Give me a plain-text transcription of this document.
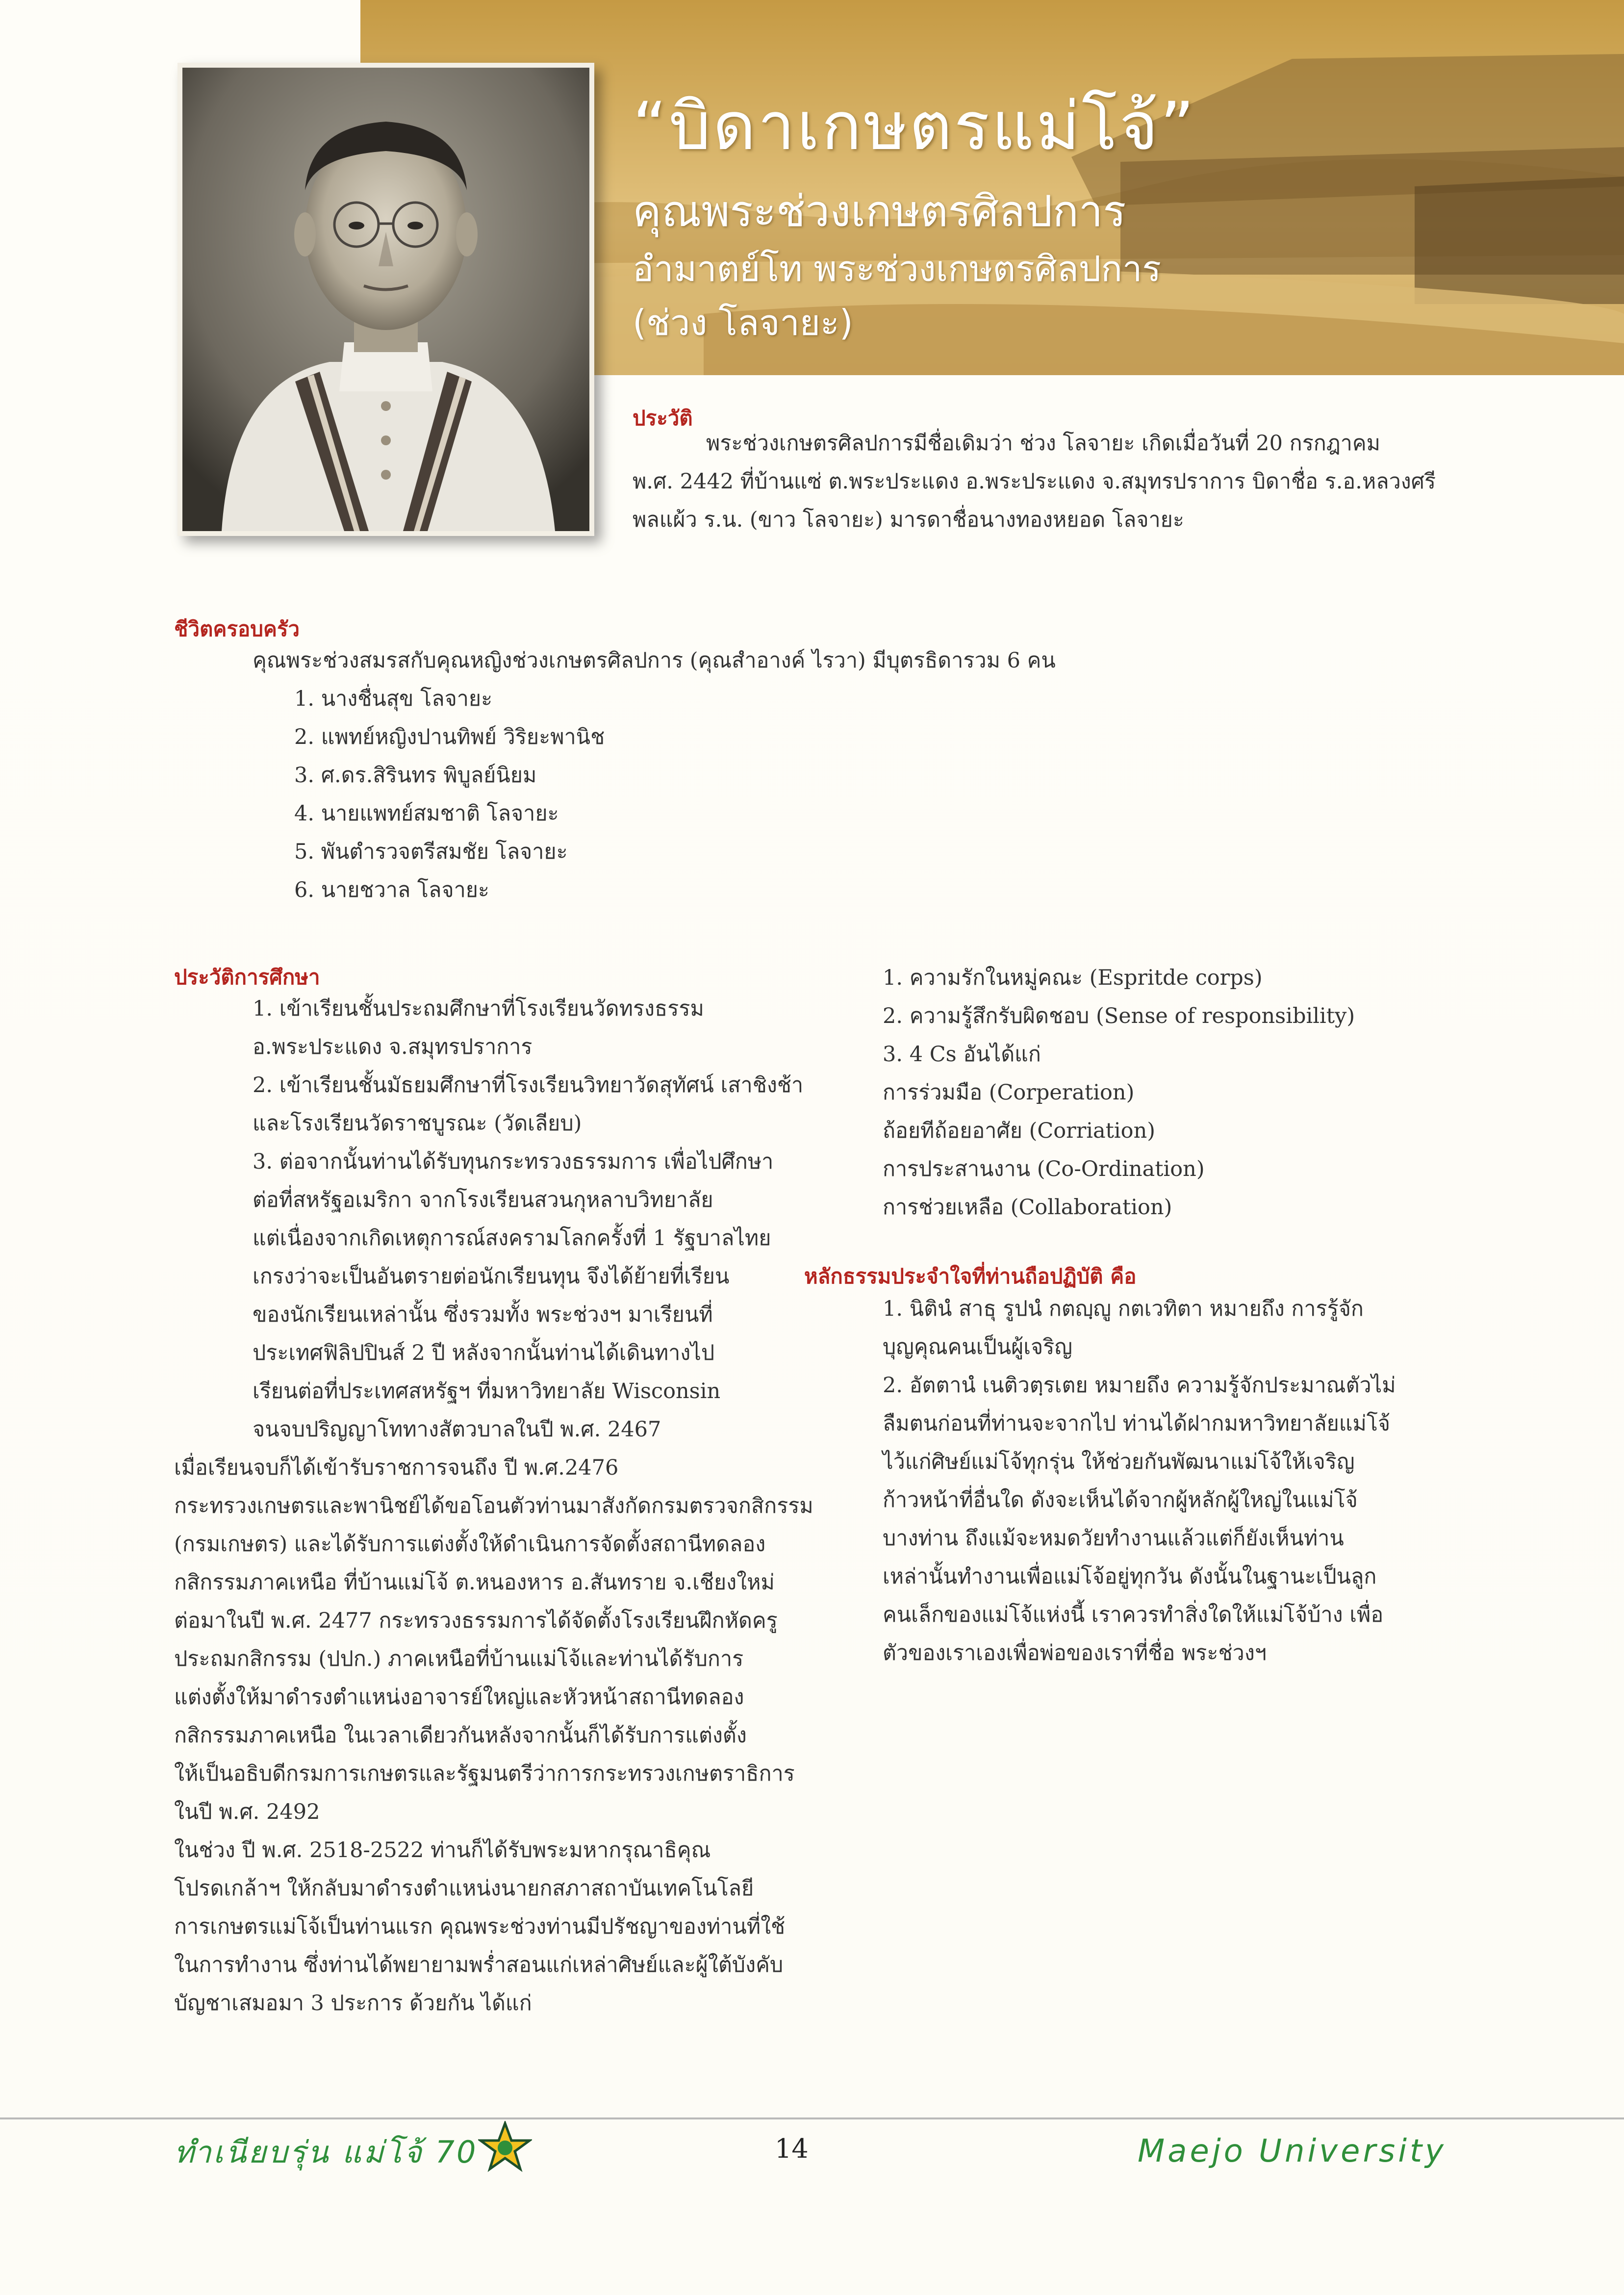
“บิดาเกษตรแม่โจ้”
คุณพระช่วงเกษตรศิลปการ
อำมาตย์โท พระช่วงเกษตรศิลปการ
(ช่วง โลจายะ)
ประวัติ
พระช่วงเกษตรศิลปการมีชื่อเดิมว่า ช่วง โลจายะ เกิดเมื่อวันที่ 20 กรกฎาคม
พ.ศ. 2442 ที่บ้านแซ่ ต.พระประแดง อ.พระประแดง จ.สมุทรปราการ บิดาชื่อ ร.อ.หลวงศรี
พลแผ้ว ร.น. (ขาว โลจายะ) มารดาชื่อนางทองหยอด โลจายะ
ชีวิตครอบครัว
คุณพระช่วงสมรสกับคุณหญิงช่วงเกษตรศิลปการ (คุณสำอางค์ ไรวา) มีบุตรธิดารวม 6 คน
1. นางชื่นสุข โลจายะ
2. แพทย์หญิงปานทิพย์ วิริยะพานิช
3. ศ.ดร.สิรินทร พิบูลย์นิยม
4. นายแพทย์สมชาติ โลจายะ
5. พันตำรวจตรีสมชัย โลจายะ
6. นายชวาล โลจายะ
ประวัติการศึกษา
1. เข้าเรียนชั้นประถมศึกษาที่โรงเรียนวัดทรงธรรม
อ.พระประแดง จ.สมุทรปราการ
2. เข้าเรียนชั้นมัธยมศึกษาที่โรงเรียนวิทยาวัดสุทัศน์ เสาชิงช้า
และโรงเรียนวัดราชบูรณะ (วัดเลียบ)
3. ต่อจากนั้นท่านได้รับทุนกระทรวงธรรมการ เพื่อไปศึกษา
ต่อที่สหรัฐอเมริกา จากโรงเรียนสวนกุหลาบวิทยาลัย
แต่เนื่องจากเกิดเหตุการณ์สงครามโลกครั้งที่ 1 รัฐบาลไทย
เกรงว่าจะเป็นอันตรายต่อนักเรียนทุน จึงได้ย้ายที่เรียน
ของนักเรียนเหล่านั้น ซึ่งรวมทั้ง พระช่วงฯ มาเรียนที่
ประเทศฟิลิปปินส์ 2 ปี หลังจากนั้นท่านได้เดินทางไป
เรียนต่อที่ประเทศสหรัฐฯ ที่มหาวิทยาลัย Wisconsin
จนจบปริญญาโททางสัตวบาลในปี พ.ศ. 2467
เมื่อเรียนจบก็ได้เข้ารับราชการจนถึง ปี พ.ศ.2476
กระทรวงเกษตรและพานิชย์ได้ขอโอนตัวท่านมาสังกัดกรมตรวจกสิกรรม
(กรมเกษตร) และได้รับการแต่งตั้งให้ดำเนินการจัดตั้งสถานีทดลอง
กสิกรรมภาคเหนือ ที่บ้านแม่โจ้ ต.หนองหาร อ.สันทราย จ.เชียงใหม่
ต่อมาในปี พ.ศ. 2477 กระทรวงธรรมการได้จัดตั้งโรงเรียนฝึกหัดครู
ประถมกสิกรรม (ปปก.) ภาคเหนือที่บ้านแม่โจ้และท่านได้รับการ
แต่งตั้งให้มาดำรงตำแหน่งอาจารย์ใหญ่และหัวหน้าสถานีทดลอง
กสิกรรมภาคเหนือ ในเวลาเดียวกันหลังจากนั้นก็ได้รับการแต่งตั้ง
ให้เป็นอธิบดีกรมการเกษตรและรัฐมนตรีว่าการกระทรวงเกษตราธิการ
ในปี พ.ศ. 2492
ในช่วง ปี พ.ศ. 2518-2522 ท่านก็ได้รับพระมหากรุณาธิคุณ
โปรดเกล้าฯ ให้กลับมาดำรงตำแหน่งนายกสภาสถาบันเทคโนโลยี
การเกษตรแม่โจ้เป็นท่านแรก คุณพระช่วงท่านมีปรัชญาของท่านที่ใช้
ในการทำงาน ซึ่งท่านได้พยายามพร่ำสอนแก่เหล่าศิษย์และผู้ใต้บังคับ
บัญชาเสมอมา 3 ประการ ด้วยกัน ได้แก่
1. ความรักในหมู่คณะ (Espritde corps)
2. ความรู้สึกรับผิดชอบ (Sense of responsibility)
3. 4 Cs อันได้แก่
การร่วมมือ (Corperation)
ถ้อยทีถ้อยอาศัย (Corriation)
การประสานงาน (Co-Ordination)
การช่วยเหลือ (Collaboration)
หลักธรรมประจำใจที่ท่านถือปฏิบัติ คือ
1. นิตินํ สาธุ รูปนํ กตญฺญู กตเวทิตา หมายถึง การรู้จัก
บุญคุณคนเป็นผู้เจริญ
2. อัตตานํ เนติวตฺรเตย หมายถึง ความรู้จักประมาณตัวไม่
ลืมตนก่อนที่ท่านจะจากไป ท่านได้ฝากมหาวิทยาลัยแม่โจ้
ไว้แก่ศิษย์แม่โจ้ทุกรุ่น ให้ช่วยกันพัฒนาแม่โจ้ให้เจริญ
ก้าวหน้าที่อื่นใด ดังจะเห็นได้จากผู้หลักผู้ใหญ่ในแม่โจ้
บางท่าน ถึงแม้จะหมดวัยทำงานแล้วแต่ก็ยังเห็นท่าน
เหล่านั้นทำงานเพื่อแม่โจ้อยู่ทุกวัน ดังนั้นในฐานะเป็นลูก
คนเล็กของแม่โจ้แห่งนี้ เราควรทำสิ่งใดให้แม่โจ้บ้าง เพื่อ
ตัวของเราเองเพื่อพ่อของเราที่ชื่อ พระช่วงฯ
ทำเนียบรุ่น แม่โจ้ 70	14	Maejo University
